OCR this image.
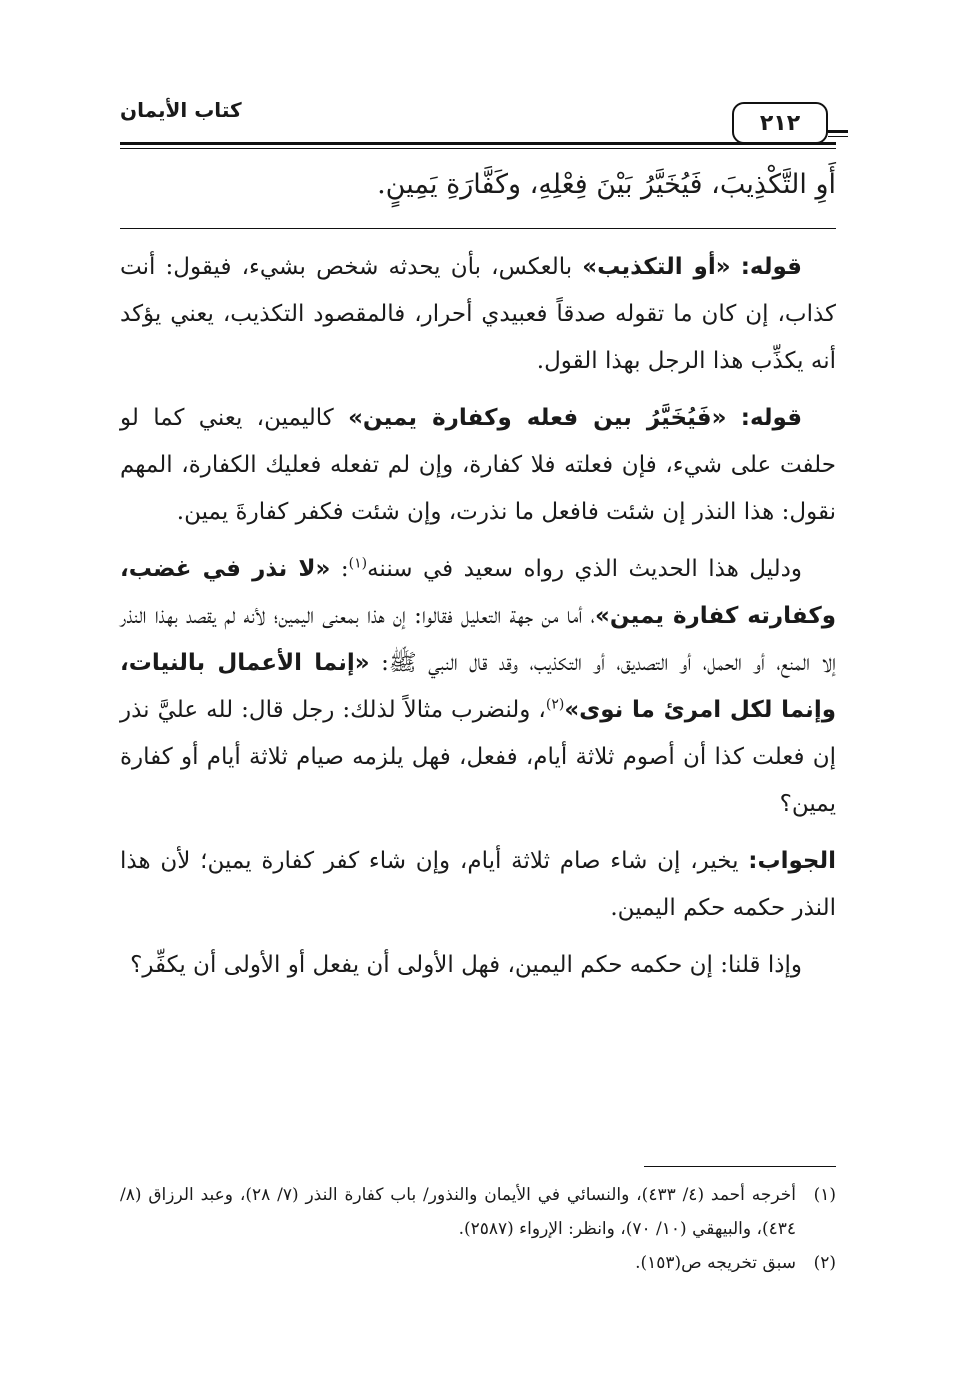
كتاب الأيمان
٢١٢
أَوِ التَّكْذِيبَ، فَيُخَيَّرُ بَيْنَ فِعْلِهِ، وكَفَّارَةِ يَمِينٍ.

قوله: «أو التكذيب» بالعكس، بأن يحدثه شخص بشيء، فيقول: أنت كذاب، إن كان ما تقوله صدقاً فعبيدي أحرار، فالمقصود التكذيب، يعني يؤكد أنه يكذِّب هذا الرجل بهذا القول.

قوله: «فَيُخَيَّرُ بين فعله وكفارة يمين» كاليمين، يعني كما لو حلفت على شيء، فإن فعلته فلا كفارة، وإن لم تفعله فعليك الكفارة، المهم نقول: هذا النذر إن شئت فافعل ما نذرت، وإن شئت فكفر كفارةَ يمين.

ودليل هذا الحديث الذي رواه سعيد في سننه$^{(١)}$: «لا نذر في غضب، وكفارته كفارة يمين»، أما من جهة التعليل فقالوا: إن هذا بمعنى اليمين؛ لأنه لم يقصد بهذا النذر إلا المنع، أو الحمل، أو التصديق، أو التكذيب، وقد قال النبي ﷺ: «إنما الأعمال بالنيات، وإنما لكل امرئ ما نوى»$^{(٢)}$، ولنضرب مثالاً لذلك: رجل قال: لله عليَّ نذر إن فعلت كذا أن أصوم ثلاثة أيام، ففعل، فهل يلزمه صيام ثلاثة أيام أو كفارة يمين؟

الجواب: يخير، إن شاء صام ثلاثة أيام، وإن شاء كفر كفارة يمين؛ لأن هذا النذر حكمه حكم اليمين.

وإذا قلنا: إن حكمه حكم اليمين، فهل الأولى أن يفعل أو الأولى أن يكفِّر؟

(١)
أخرجه أحمد (٤/ ٤٣٣)، والنسائي في الأيمان والنذور/ باب كفارة النذر (٧/ ٢٨)، وعبد الرزاق (٨/ ٤٣٤)، والبيهقي (١٠/ ٧٠)، وانظر: الإرواء (٢٥٨٧).
(٢)
سبق تخريجه ص(١٥٣).
